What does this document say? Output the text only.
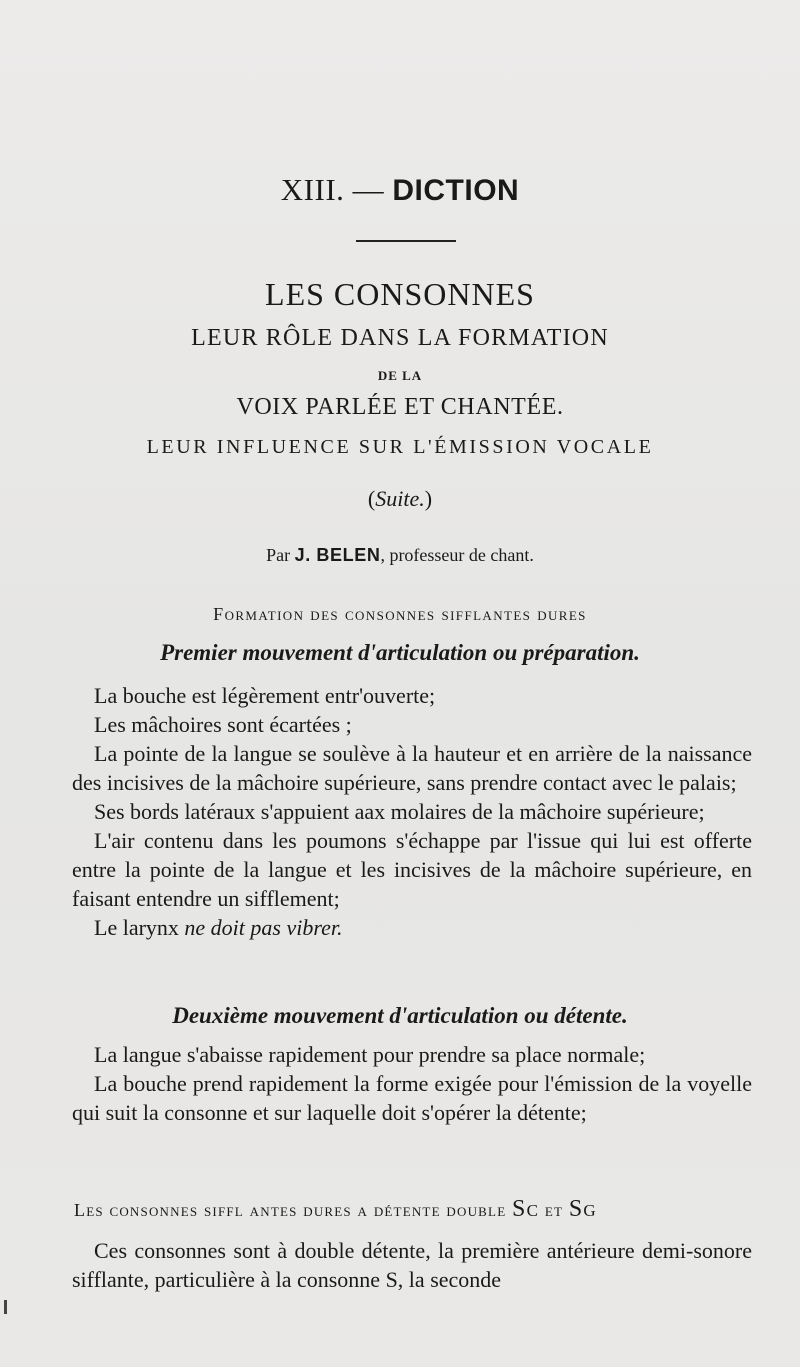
XIII. — DICTION
LES CONSONNES
LEUR RÔLE DANS LA FORMATION
DE LA
VOIX PARLÉE ET CHANTÉE.
LEUR INFLUENCE SUR L'ÉMISSION VOCALE
(Suite.)
Par J. BELEN, professeur de chant.
Formation des consonnes sifflantes dures
Premier mouvement d'articulation ou préparation.
La bouche est légèrement entr'ouverte;
Les mâchoires sont écartées ;
La pointe de la langue se soulève à la hauteur et en arrière de la naissance des incisives de la mâchoire supérieure, sans prendre contact avec le palais;
Ses bords latéraux s'appuient aax molaires de la mâchoire supérieure;
L'air contenu dans les poumons s'échappe par l'issue qui lui est offerte entre la pointe de la langue et les incisives de la mâchoire supérieure, en faisant entendre un sifflement;
Le larynx ne doit pas vibrer.
Deuxième mouvement d'articulation ou détente.
La langue s'abaisse rapidement pour prendre sa place normale;
La bouche prend rapidement la forme exigée pour l'émission de la voyelle qui suit la consonne et sur laquelle doit s'opérer la détente;
Les consonnes siffl antes dures a détente double Sc et Sg
Ces consonnes sont à double détente, la première antérieure demi-sonore sifflante, particulière à la consonne S, la seconde
